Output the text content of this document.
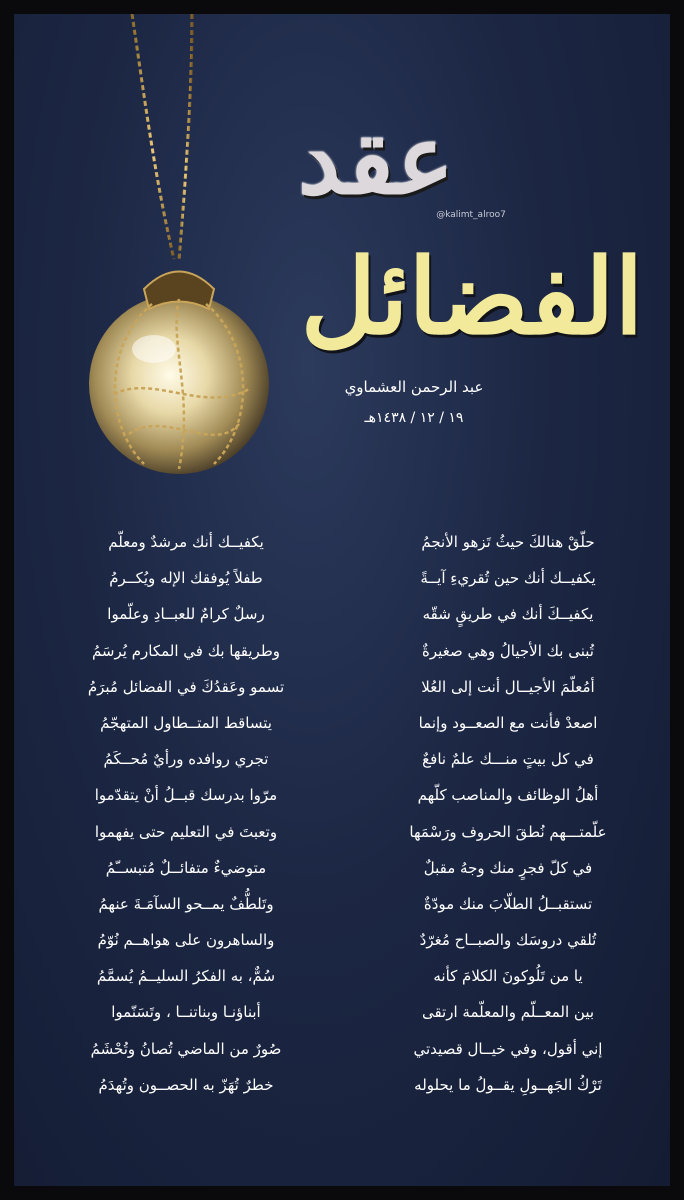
عقد
@kalimt_alroo7
الفضائل
عبد الرحمن العشماوي
١٩ / ١٢ / ١٤٣٨هـ
حلّقْ هنالكَ حيثُ تَزهو الأنجمُ
يكفيــك أنك حين تُقريءِ آيــةً
يكفيــكَ أنك في طريقٍ شقّه
تُبنى بك الأجيالُ وهي صغيرةٌ
أمُعلّمَ الأجيــال أنت إلى العُلا
اصعدْ فأنت مع الصعــود وإنما
في كل بيتٍ منـــك علمٌ نافعٌ
أهلُ الوظائف والمناصب كلّهم
علّمتـــهم نُطقَ الحروف ورَسْمَها
في كلّ فجرٍ منك وجهُ مقبلٌ
تستقبــلُ الطلّابَ منك مودّةٌ
تُلقي دروسَك والصبــاح مُغرّدٌ
يا من تَلُوكونَ الكلامَ كأنه
بين المعــلّم والمعلّمة ارتقى
إني أقول، وفي خيــال قصيدتي
تَرْكُ الجَهــولِ يقــولُ ما يحلوله
يكفيــك أنك مرشدٌ ومعلّم
طفلاً يُوفقك الإله ويُكــرمُ
رسلٌ كرامٌ للعبــادِ وعلّموا
وطريقها بك في المكارم يُرسَمُ
تسمو وعَقدُكَ في الفضائل مُبرَمُ
يتساقط المتــطاول المتهجّمُ
تجري روافده ورأيٌ مُحــكَمُ
مرّوا بدرسك قبــلُ أنْ يتقدّموا
وتعبتَ في التعليم حتى يفهموا
متوضيءٌ متفائــلٌ مُتبســّمُ
وتَلطُّفٌ يمــحو السآمَـةَ عنهمُ
والساهرون على هواهــم نُوّمُ
سُمٌّ، به الفكرُ السليــمُ يُسمَّمُ
أبناؤنـا وبناتنــا ، وتَسَنّموا
صُورٌ من الماضي تُصانُ وتُحْشَمُ
خطرٌ تُهَزّ به الحصــون وتُهدَمُ
